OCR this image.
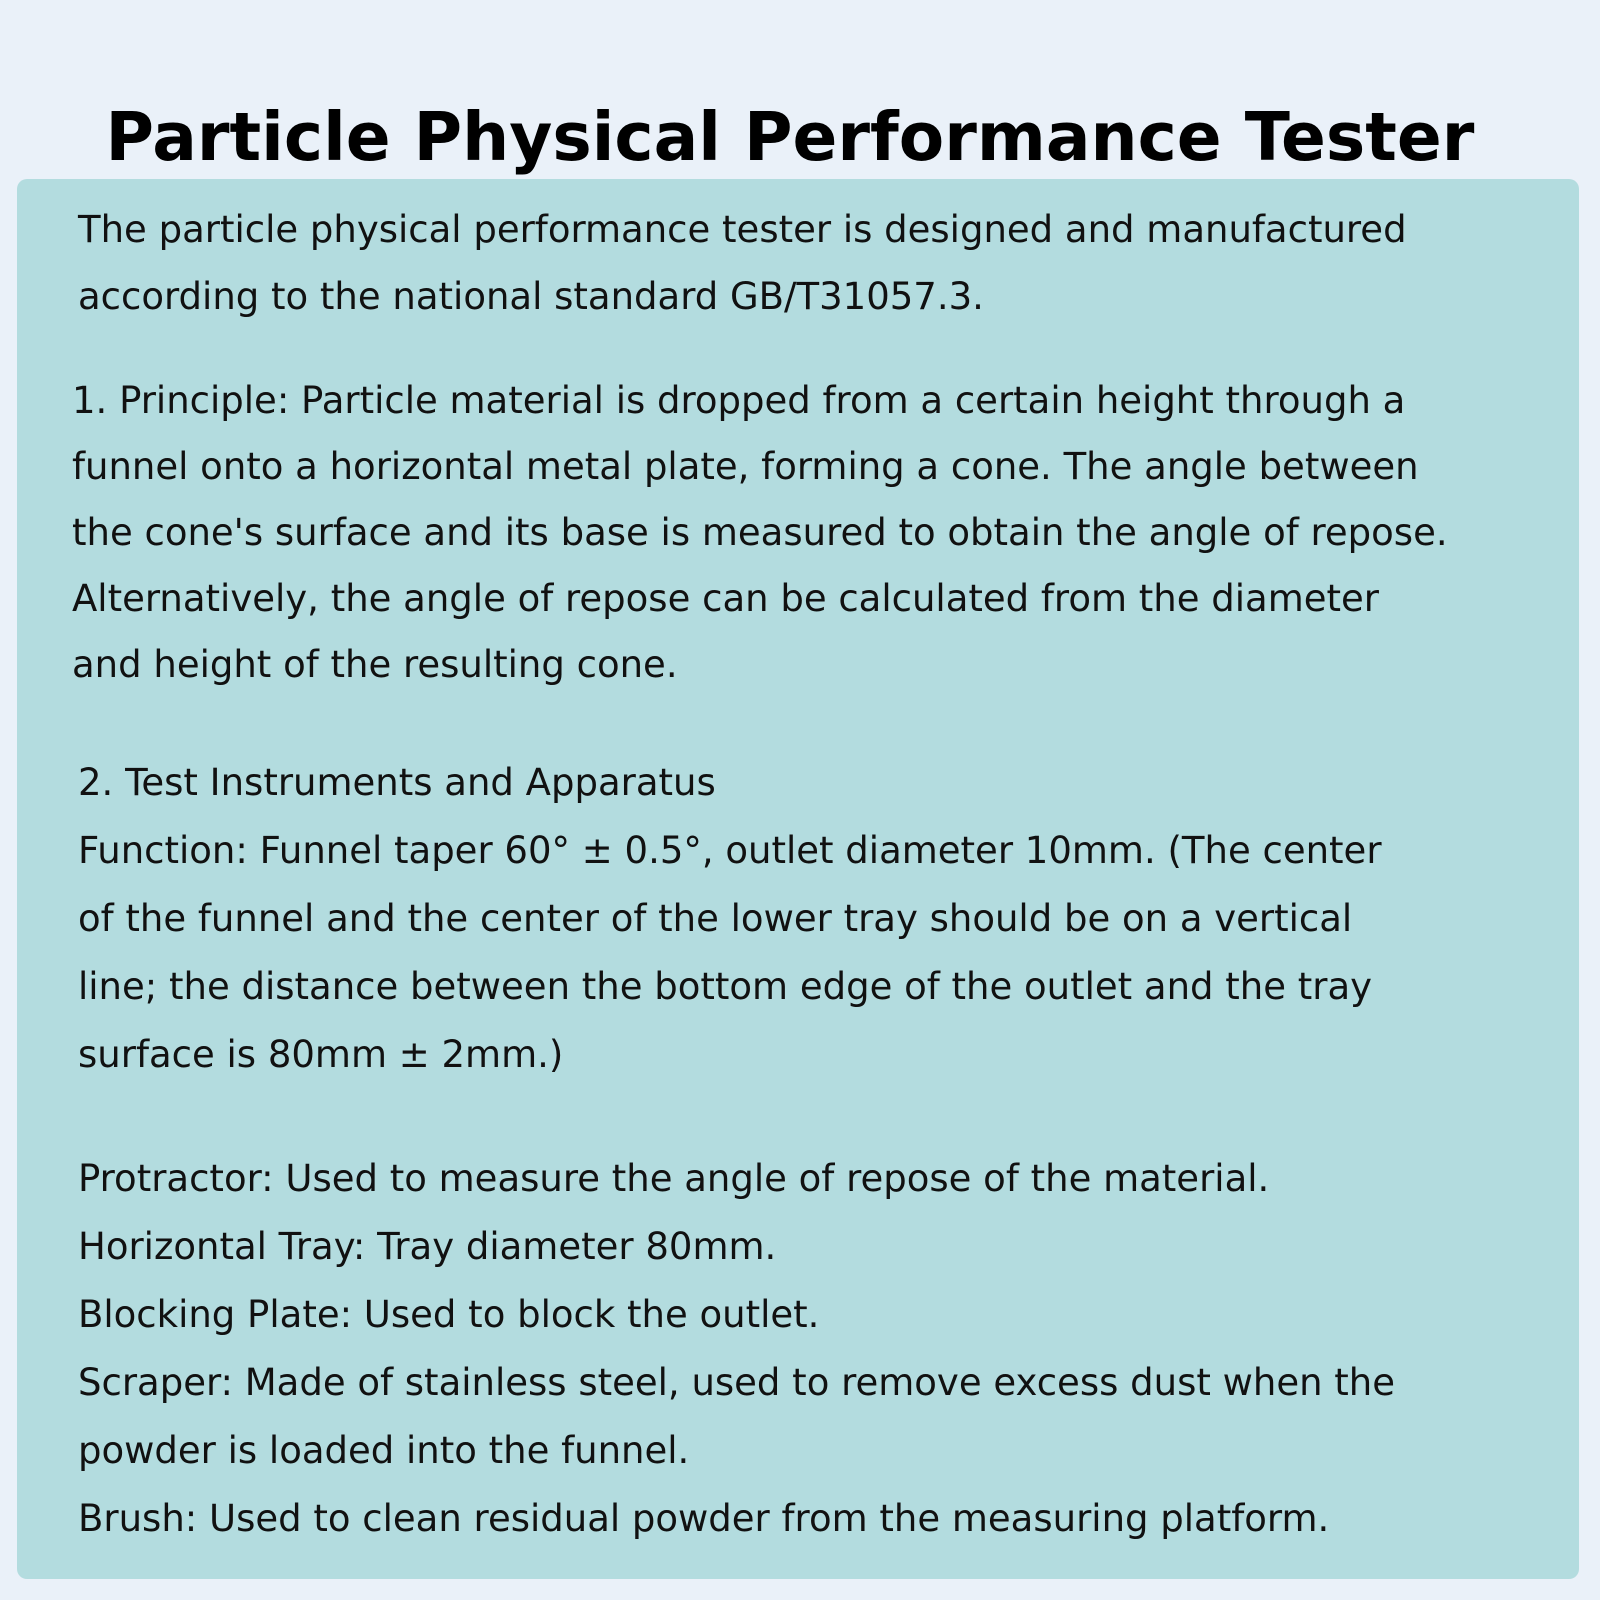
Particle Physical Performance Tester
The particle physical performance tester is designed and manufactured
according to the national standard GB/T31057.3.
1. Principle: Particle material is dropped from a certain height through a
funnel onto a horizontal metal plate, forming a cone. The angle between
the cone's surface and its base is measured to obtain the angle of repose.
Alternatively, the angle of repose can be calculated from the diameter
and height of the resulting cone.
2. Test Instruments and Apparatus
Function: Funnel taper 60° ± 0.5°, outlet diameter 10mm. (The center
of the funnel and the center of the lower tray should be on a vertical
line; the distance between the bottom edge of the outlet and the tray
surface is 80mm ± 2mm.)
Protractor: Used to measure the angle of repose of the material.
Horizontal Tray: Tray diameter 80mm.
Blocking Plate: Used to block the outlet.
Scraper: Made of stainless steel, used to remove excess dust when the
powder is loaded into the funnel.
Brush: Used to clean residual powder from the measuring platform.
